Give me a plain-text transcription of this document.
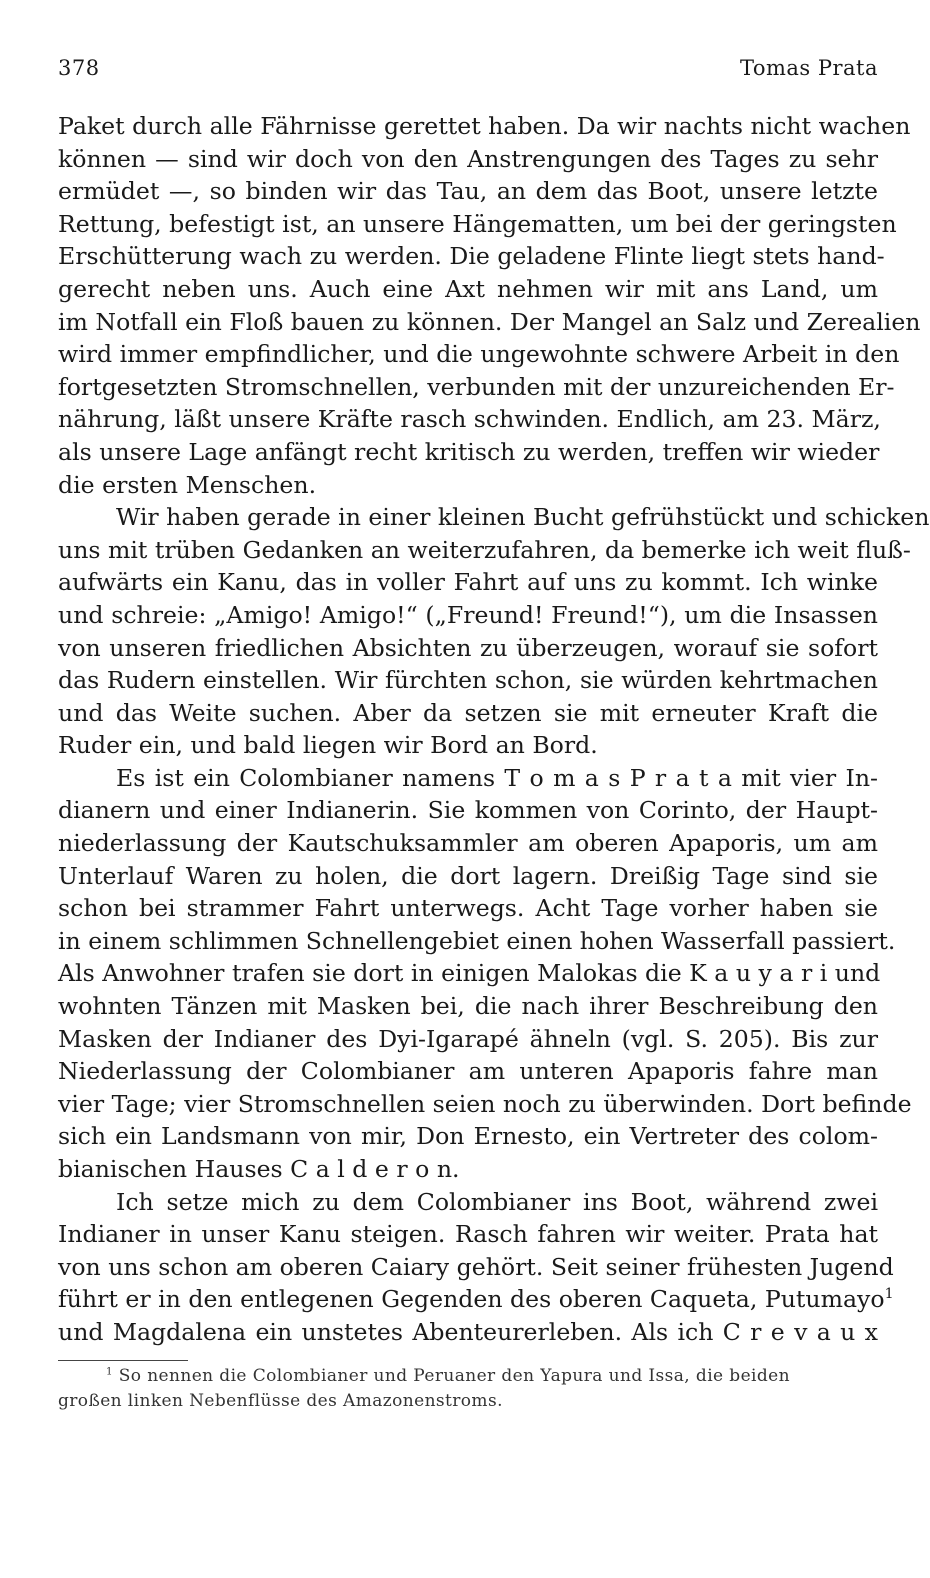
378	Tomas Prata
Paket durch alle Fährnisse gerettet haben. Da wir nachts nicht wachen
können — sind wir doch von den Anstrengungen des Tages zu sehr
ermüdet —, so binden wir das Tau, an dem das Boot, unsere letzte
Rettung, befestigt ist, an unsere Hängematten, um bei der geringsten
Erschütterung wach zu werden. Die geladene Flinte liegt stets hand-
gerecht neben uns. Auch eine Axt nehmen wir mit ans Land, um
im Notfall ein Floß bauen zu können. Der Mangel an Salz und Zerealien
wird immer empfindlicher, und die ungewohnte schwere Arbeit in den
fortgesetzten Stromschnellen, verbunden mit der unzureichenden Er-
nährung, läßt unsere Kräfte rasch schwinden. Endlich, am 23. März,
als unsere Lage anfängt recht kritisch zu werden, treffen wir wieder
die ersten Menschen.
Wir haben gerade in einer kleinen Bucht gefrühstückt und schicken
uns mit trüben Gedanken an weiterzufahren, da bemerke ich weit fluß-
aufwärts ein Kanu, das in voller Fahrt auf uns zu kommt. Ich winke
und schreie: „Amigo! Amigo!“ („Freund! Freund!“), um die Insassen
von unseren friedlichen Absichten zu überzeugen, worauf sie sofort
das Rudern einstellen. Wir fürchten schon, sie würden kehrtmachen
und das Weite suchen. Aber da setzen sie mit erneuter Kraft die
Ruder ein, und bald liegen wir Bord an Bord.
Es ist ein Colombianer namens T o m a s P r a t a mit vier In-
dianern und einer Indianerin. Sie kommen von Corinto, der Haupt-
niederlassung der Kautschuksammler am oberen Apaporis, um am
Unterlauf Waren zu holen, die dort lagern. Dreißig Tage sind sie
schon bei strammer Fahrt unterwegs. Acht Tage vorher haben sie
in einem schlimmen Schnellengebiet einen hohen Wasserfall passiert.
Als Anwohner trafen sie dort in einigen Malokas die K a u y a r i und
wohnten Tänzen mit Masken bei, die nach ihrer Beschreibung den
Masken der Indianer des Dyi-Igarapé ähneln (vgl. S. 205). Bis zur
Niederlassung der Colombianer am unteren Apaporis fahre man
vier Tage; vier Stromschnellen seien noch zu überwinden. Dort befinde
sich ein Landsmann von mir, Don Ernesto, ein Vertreter des colom-
bianischen Hauses C a l d e r o n.
Ich setze mich zu dem Colombianer ins Boot, während zwei
Indianer in unser Kanu steigen. Rasch fahren wir weiter. Prata hat
von uns schon am oberen Caiary gehört. Seit seiner frühesten Jugend
führt er in den entlegenen Gegenden des oberen Caqueta, Putumayo$^1$
und Magdalena ein unstetes Abenteurerleben. Als ich C r e v a u x
$^1$ So nennen die Colombianer und Peruaner den Yapura und Issa, die beiden
großen linken Nebenflüsse des Amazonenstroms.
